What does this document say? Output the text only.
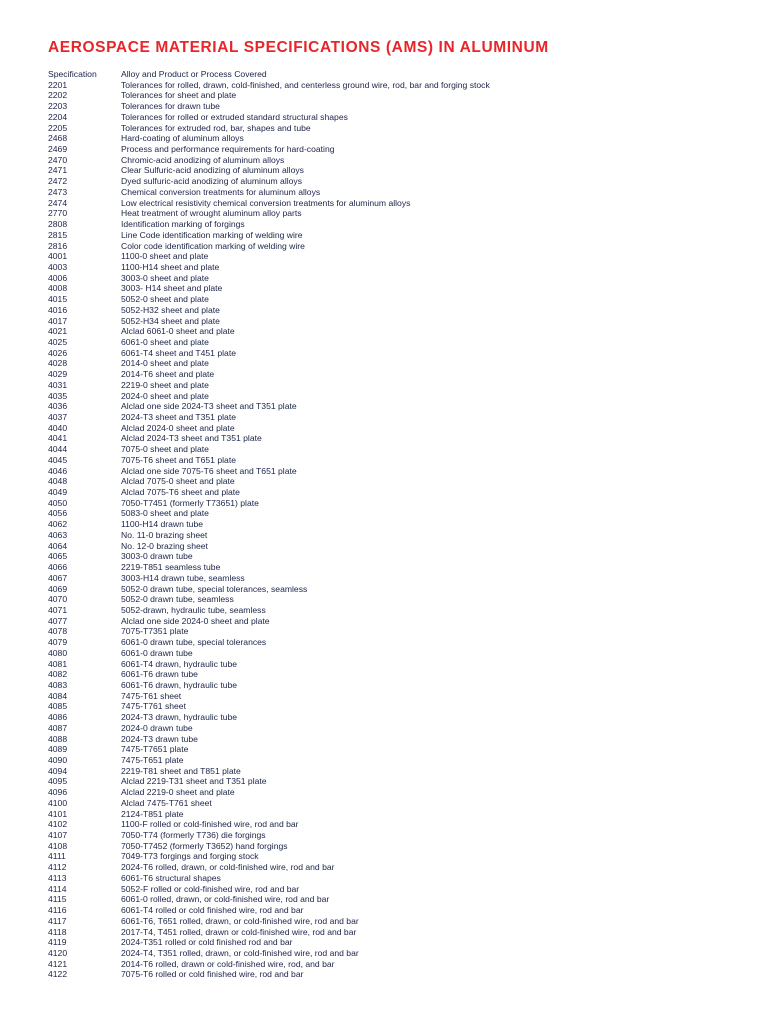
AEROSPACE MATERIAL SPECIFICATIONS (AMS) IN ALUMINUM
Specification	Alloy and Product or Process Covered
2201	Tolerances for rolled, drawn, cold-finished, and centerless ground wire, rod, bar and forging stock
2202	Tolerances for sheet and plate
2203	Tolerances for drawn tube
2204	Tolerances for rolled or extruded standard structural shapes
2205	Tolerances for extruded rod, bar, shapes and tube
2468	Hard-coating of aluminum alloys
2469	Process and performance requirements for hard-coating
2470	Chromic-acid anodizing of aluminum alloys
2471	Clear Sulfuric-acid anodizing of aluminum alloys
2472	Dyed sulfuric-acid anodizing of aluminum alloys
2473	Chemical conversion treatments for aluminum alloys
2474	Low electrical resistivity chemical conversion treatments for aluminum alloys
2770	Heat treatment of wrought aluminum alloy parts
2808	Identification marking of forgings
2815	Line Code identification marking of welding wire
2816	Color code identification marking of welding wire
4001	1100-0 sheet and plate
4003	1100-H14 sheet and plate
4006	3003-0 sheet and plate
4008	3003- H14 sheet and plate
4015	5052-0 sheet and plate
4016	5052-H32 sheet and plate
4017	5052-H34 sheet and plate
4021	Alclad 6061-0 sheet and plate
4025	6061-0 sheet and plate
4026	6061-T4 sheet and T451 plate
4028	2014-0 sheet and plate
4029	2014-T6 sheet and plate
4031	2219-0 sheet and plate
4035	2024-0 sheet and plate
4036	Alclad one side 2024-T3 sheet and T351 plate
4037	2024-T3 sheet and T351 plate
4040	Alclad 2024-0 sheet and plate
4041	Alclad 2024-T3 sheet and T351 plate
4044	7075-0 sheet and plate
4045	7075-T6 sheet and T651 plate
4046	Alclad one side 7075-T6 sheet and T651 plate
4048	Alclad 7075-0 sheet and plate
4049	Alclad 7075-T6 sheet and plate
4050	7050-T7451 (formerly T73651) plate
4056	5083-0 sheet and plate
4062	1100-H14 drawn tube
4063	No. 11-0 brazing sheet
4064	No. 12-0 brazing sheet
4065	3003-0 drawn tube
4066	2219-T851 seamless tube
4067	3003-H14 drawn tube, seamless
4069	5052-0 drawn tube, special tolerances, seamless
4070	5052-0 drawn tube, seamless
4071	5052-drawn, hydraulic tube, seamless
4077	Alclad one side 2024-0 sheet and plate
4078	7075-T7351 plate
4079	6061-0 drawn tube, special tolerances
4080	6061-0 drawn tube
4081	6061-T4 drawn, hydraulic tube
4082	6061-T6 drawn tube
4083	6061-T6 drawn, hydraulic tube
4084	7475-T61 sheet
4085	7475-T761 sheet
4086	2024-T3 drawn, hydraulic tube
4087	2024-0 drawn tube
4088	2024-T3 drawn tube
4089	7475-T7651 plate
4090	7475-T651 plate
4094	2219-T81 sheet and T851 plate
4095	Alclad 2219-T31 sheet and T351 plate
4096	Alclad 2219-0 sheet and plate
4100	Alclad 7475-T761 sheet
4101	2124-T851 plate
4102	1100-F rolled or cold-finished wire, rod and bar
4107	7050-T74 (formerly T736) die forgings
4108	7050-T7452 (formerly T3652) hand forgings
4111	7049-T73 forgings and forging stock
4112	2024-T6 rolled, drawn, or cold-finished wire, rod and bar
4113	6061-T6 structural shapes
4114	5052-F rolled or cold-finished wire, rod and bar
4115	6061-0 rolled, drawn, or cold-finished wire, rod and bar
4116	6061-T4 rolled or cold finished wire, rod and bar
4117	6061-T6, T651 rolled, drawn, or cold-finished wire, rod and bar
4118	2017-T4, T451 rolled, drawn or cold-finished wire, rod and bar
4119	2024-T351 rolled or cold finished rod and bar
4120	2024-T4, T351 rolled, drawn, or cold-finished wire, rod and bar
4121	2014-T6 rolled, drawn or cold-finished wire, rod, and bar
4122	7075-T6 rolled or cold finished wire, rod and bar
